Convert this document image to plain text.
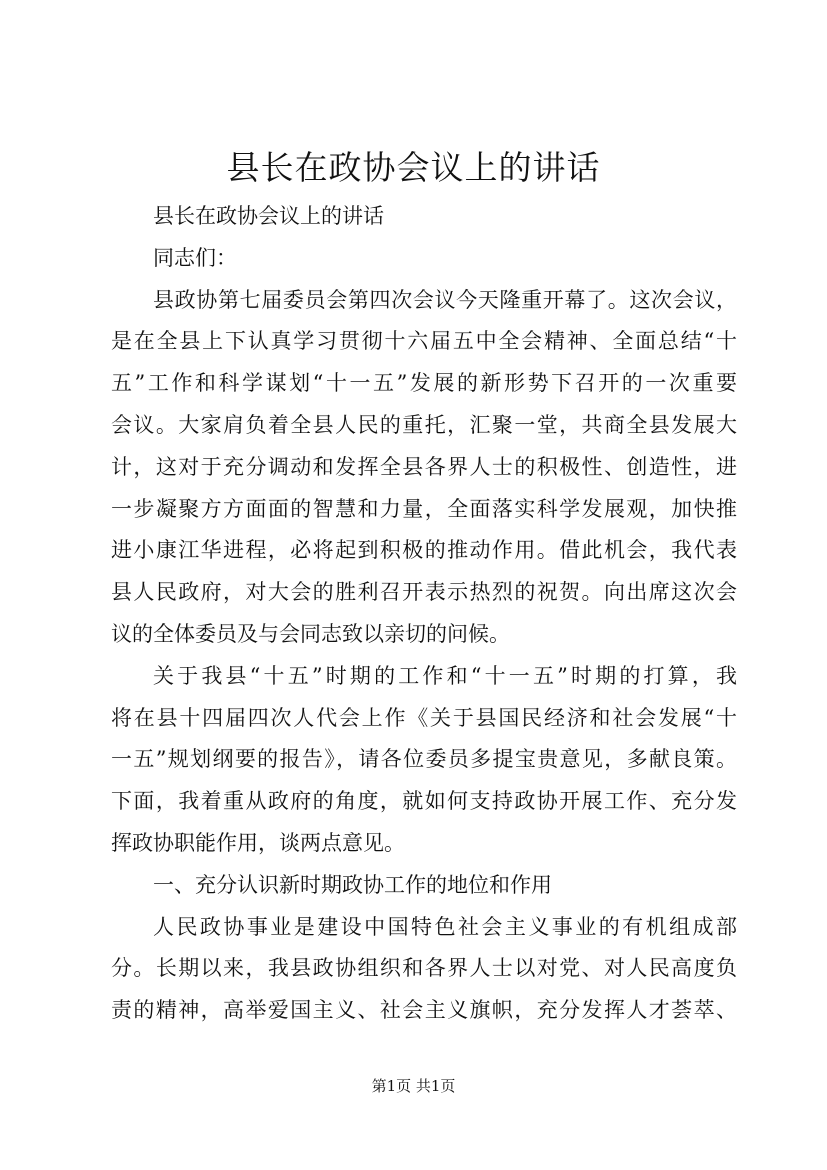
县长在政协会议上的讲话
县长在政协会议上的讲话
同志们：
县政协第七届委员会第四次会议今天隆重开幕了。这次会议，
是在全县上下认真学习贯彻十六届五中全会精神、全面总结“十
五”工作和科学谋划“十一五”发展的新形势下召开的一次重要
会议。大家肩负着全县人民的重托，汇聚一堂，共商全县发展大
计，这对于充分调动和发挥全县各界人士的积极性、创造性，进
一步凝聚方方面面的智慧和力量，全面落实科学发展观，加快推
进小康江华进程，必将起到积极的推动作用。借此机会，我代表
县人民政府，对大会的胜利召开表示热烈的祝贺。向出席这次会
议的全体委员及与会同志致以亲切的问候。
关于我县“十五”时期的工作和“十一五”时期的打算，我
将在县十四届四次人代会上作《关于县国民经济和社会发展“十
一五”规划纲要的报告》，请各位委员多提宝贵意见，多献良策。
下面，我着重从政府的角度，就如何支持政协开展工作、充分发
挥政协职能作用，谈两点意见。
一、充分认识新时期政协工作的地位和作用
人民政协事业是建设中国特色社会主义事业的有机组成部
分。长期以来，我县政协组织和各界人士以对党、对人民高度负
责的精神，高举爱国主义、社会主义旗帜，充分发挥人才荟萃、
第1页 共1页
